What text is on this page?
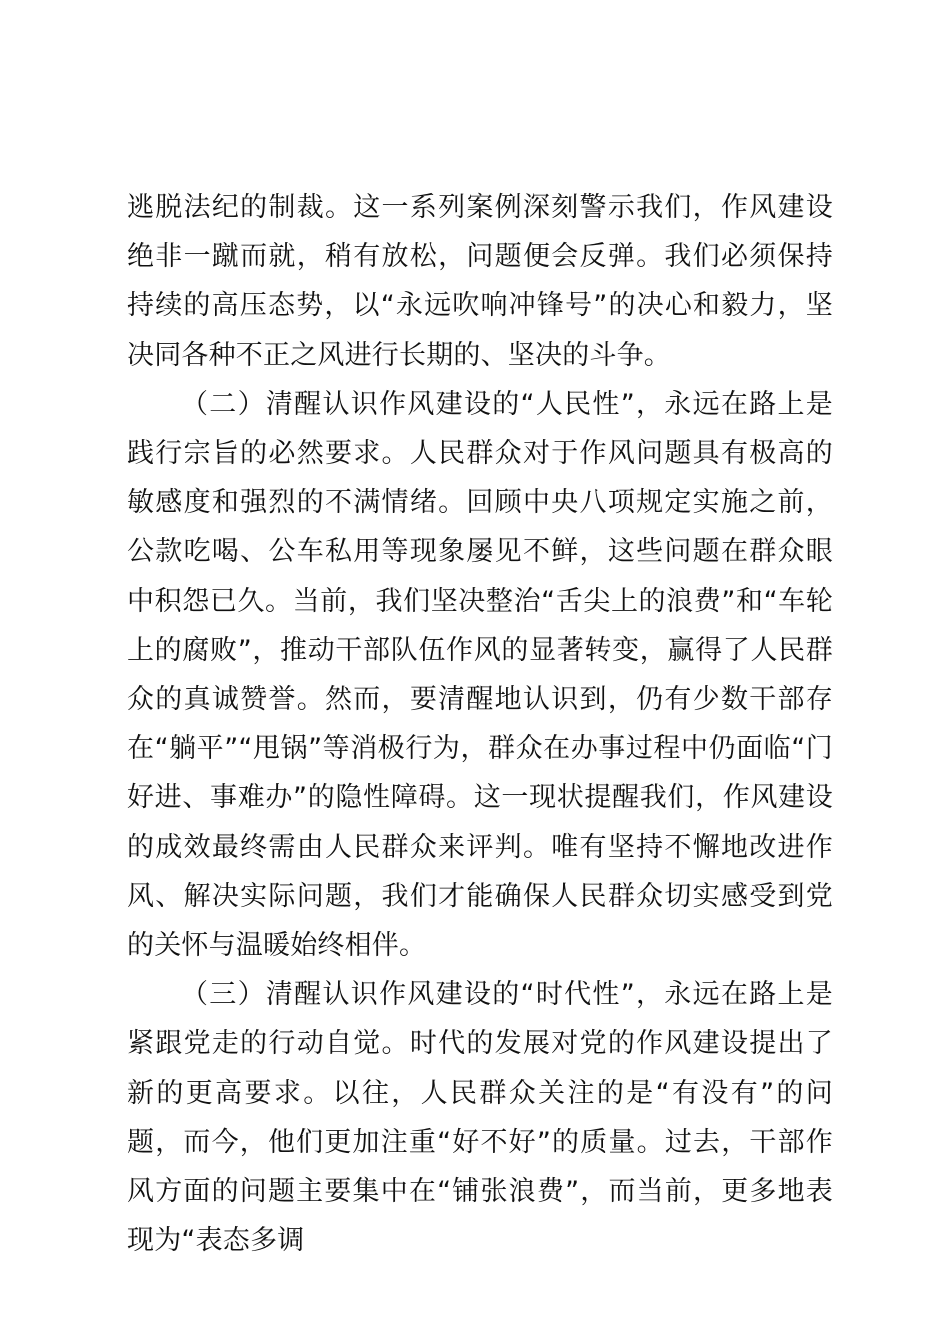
逃脱法纪的制裁。这一系列案例深刻警示我们，作风建设绝非一蹴而就，稍有放松，问题便会反弹。我们必须保持持续的高压态势，以“永远吹响冲锋号”的决心和毅力，坚决同各种不正之风进行长期的、坚决的斗争。

（二）清醒认识作风建设的“人民性”，永远在路上是践行宗旨的必然要求。人民群众对于作风问题具有极高的敏感度和强烈的不满情绪。回顾中央八项规定实施之前，公款吃喝、公车私用等现象屡见不鲜，这些问题在群众眼中积怨已久。当前，我们坚决整治“舌尖上的浪费”和“车轮上的腐败”，推动干部队伍作风的显著转变，赢得了人民群众的真诚赞誉。然而，要清醒地认识到，仍有少数干部存在“躺平”“甩锅”等消极行为，群众在办事过程中仍面临“门好进、事难办”的隐性障碍。这一现状提醒我们，作风建设的成效最终需由人民群众来评判。唯有坚持不懈地改进作风、解决实际问题，我们才能确保人民群众切实感受到党的关怀与温暖始终相伴。

（三）清醒认识作风建设的“时代性”，永远在路上是紧跟党走的行动自觉。时代的发展对党的作风建设提出了新的更高要求。以往，人民群众关注的是“有没有”的问题，而今，他们更加注重“好不好”的质量。过去，干部作风方面的问题主要集中在“铺张浪费”，而当前，更多地表现为“表态多调
